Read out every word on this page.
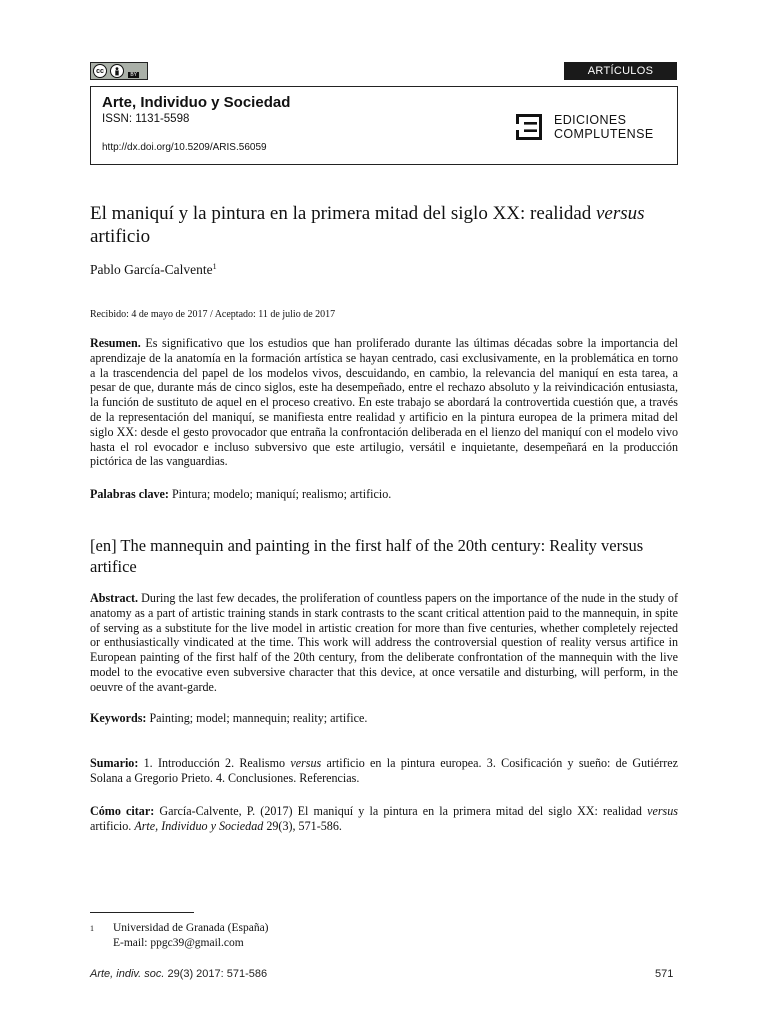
cc
BY	ARTÍCULOS
Arte, Individuo y Sociedad
ISSN: 1131-5598
http://dx.doi.org/10.5209/ARIS.56059
EDICIONES
COMPLUTENSE
El maniquí y la pintura en la primera mitad del siglo XX: realidad versus artificio
Pablo García-Calvente$^1$
Recibido: 4 de mayo de 2017 / Aceptado: 11 de julio de 2017
Resumen. Es significativo que los estudios que han proliferado durante las últimas décadas sobre la importancia del aprendizaje de la anatomía en la formación artística se hayan centrado, casi exclusivamente, en la problemática en torno a la trascendencia del papel de los modelos vivos, descuidando, en cambio, la relevancia del maniquí en esta tarea, a pesar de que, durante más de cinco siglos, este ha desempeñado, entre el rechazo absoluto y la reivindicación entusiasta, la función de sustituto de aquel en el proceso creativo. En este trabajo se abordará la controvertida cuestión que, a través de la representación del maniquí, se manifiesta entre realidad y artificio en la pintura europea de la primera mitad del siglo XX: desde el gesto provocador que entraña la confrontación deliberada en el lienzo del maniquí con el modelo vivo hasta el rol evocador e incluso subversivo que este artilugio, versátil e inquietante, desempeñará en la producción pictórica de las vanguardias.
Palabras clave: Pintura; modelo; maniquí; realismo; artificio.
[en] The mannequin and painting in the first half of the 20th century: Reality versus artifice
Abstract. During the last few decades, the proliferation of countless papers on the importance of the nude in the study of anatomy as a part of artistic training stands in stark contrasts to the scant critical attention paid to the mannequin, in spite of serving as a substitute for the live model in artistic creation for more than five centuries, whether completely rejected or enthusiastically vindicated at the time. This work will address the controversial question of reality versus artifice in European painting of the first half of the 20th century, from the deliberate confrontation of the mannequin with the live model to the evocative even subversive character that this device, at once versatile and disturbing, will perform, in the oeuvre of the avant-garde.
Keywords: Painting; model; mannequin; reality; artifice.
Sumario: 1. Introducción 2. Realismo versus artificio en la pintura europea. 3. Cosificación y sueño: de Gutiérrez Solana a Gregorio Prieto. 4. Conclusiones. Referencias.
Cómo citar: García-Calvente, P. (2017) El maniquí y la pintura en la primera mitad del siglo XX: realidad versus artificio. Arte, Individuo y Sociedad 29(3), 571-586.
1 Universidad de Granada (España)
E-mail: ppgc39@gmail.com
Arte, indiv. soc. 29(3) 2017: 571-586	571
